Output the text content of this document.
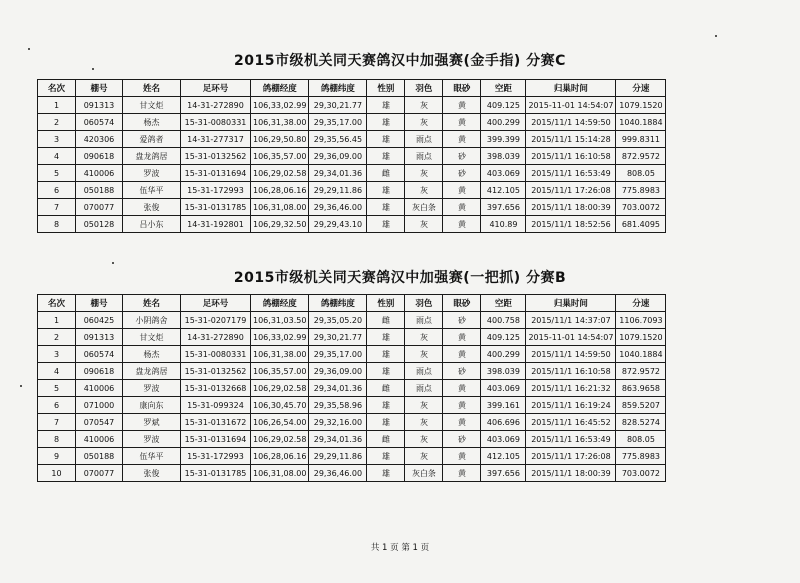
2015市级机关同天赛鸽汉中加强赛(金手指) 分赛C
名次	棚号	姓名	足环号	鸽棚经度	鸽棚纬度	性别	羽色	眼砂	空距	归巢时间	分速
1	091313	甘文炬	14-31-272890	106,33,02.99	29,30,21.77	雄	灰	黄	409.125	2015-11-01 14:54:07	1079.1520
2	060574	杨杰	15-31-0080331	106,31,38.00	29,35,17.00	雄	灰	黄	400.299	2015/11/1 14:59:50	1040.1884
3	420306	爱鸽者	14-31-277317	106,29,50.80	29,35,56.45	雄	雨点	黄	399.399	2015/11/1 15:14:28	999.8311
4	090618	盘龙鸽居	15-31-0132562	106,35,57.00	29,36,09.00	雄	雨点	砂	398.039	2015/11/1 16:10:58	872.9572
5	410006	罗波	15-31-0131694	106,29,02.58	29,34,01.36	雌	灰	砂	403.069	2015/11/1 16:53:49	808.05
6	050188	伍华平	15-31-172993	106,28,06.16	29,29,11.86	雄	灰	黄	412.105	2015/11/1 17:26:08	775.8983
7	070077	张俊	15-31-0131785	106,31,08.00	29,36,46.00	雄	灰白条	黄	397.656	2015/11/1 18:00:39	703.0072
8	050128	吕小东	14-31-192801	106,29,32.50	29,29,43.10	雄	灰	黄	410.89	2015/11/1 18:52:56	681.4095
2015市级机关同天赛鸽汉中加强赛(一把抓) 分赛B
名次	棚号	姓名	足环号	鸽棚经度	鸽棚纬度	性别	羽色	眼砂	空距	归巢时间	分速
1	060425	小阴鸽舍	15-31-0207179	106,31,03.50	29,35,05.20	雌	雨点	砂	400.758	2015/11/1 14:37:07	1106.7093
2	091313	甘文炬	14-31-272890	106,33,02.99	29,30,21.77	雄	灰	黄	409.125	2015-11-01 14:54:07	1079.1520
3	060574	杨杰	15-31-0080331	106,31,38.00	29,35,17.00	雄	灰	黄	400.299	2015/11/1 14:59:50	1040.1884
4	090618	盘龙鸽居	15-31-0132562	106,35,57.00	29,36,09.00	雄	雨点	砂	398.039	2015/11/1 16:10:58	872.9572
5	410006	罗波	15-31-0132668	106,29,02.58	29,34,01.36	雌	雨点	黄	403.069	2015/11/1 16:21:32	863.9658
6	071000	康向东	15-31-099324	106,30,45.70	29,35,58.96	雄	灰	黄	399.161	2015/11/1 16:19:24	859.5207
7	070547	罗斌	15-31-0131672	106,26,54.00	29,32,16.00	雄	灰	黄	406.696	2015/11/1 16:45:52	828.5274
8	410006	罗波	15-31-0131694	106,29,02.58	29,34,01.36	雌	灰	砂	403.069	2015/11/1 16:53:49	808.05
9	050188	伍华平	15-31-172993	106,28,06.16	29,29,11.86	雄	灰	黄	412.105	2015/11/1 17:26:08	775.8983
10	070077	张俊	15-31-0131785	106,31,08.00	29,36,46.00	雄	灰白条	黄	397.656	2015/11/1 18:00:39	703.0072
共 1 页 第 1 页
